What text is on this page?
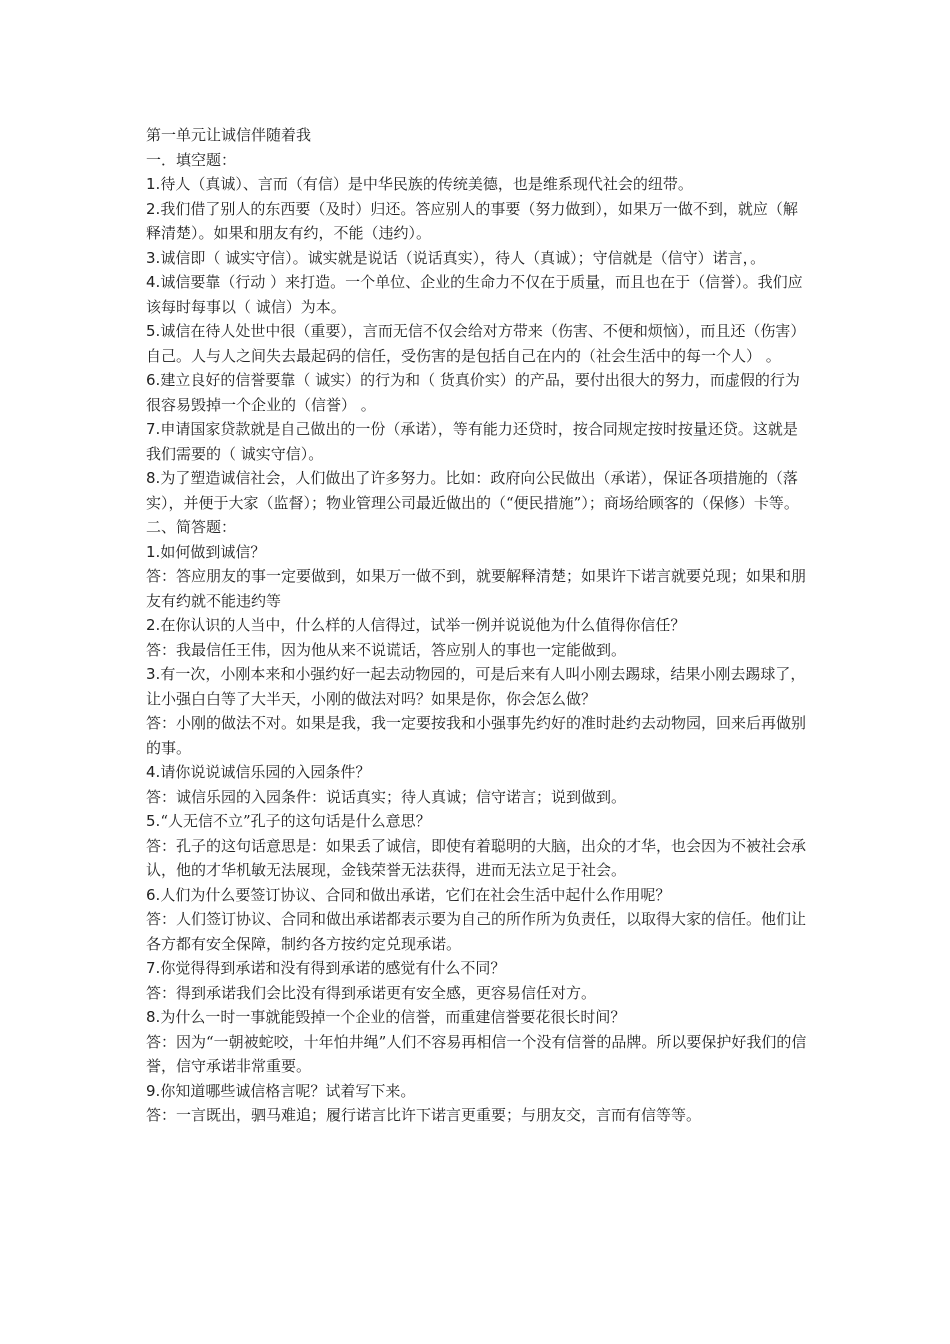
第一单元让诚信伴随着我
一．填空题：
1.待人（真诚）、言而（有信）是中华民族的传统美德，也是维系现代社会的纽带。
2.我们借了别人的东西要（及时）归还。答应别人的事要（努力做到），如果万一做不到，就应（解释清楚）。如果和朋友有约，不能（违约）。
3.诚信即（ 诚实守信）。诚实就是说话（说话真实），待人（真诚）；守信就是（信守）诺言，。
4.诚信要靠（行动 ）来打造。一个单位、企业的生命力不仅在于质量，而且也在于（信誉）。我们应该每时每事以（ 诚信）为本。
5.诚信在待人处世中很（重要），言而无信不仅会给对方带来（伤害、不便和烦恼），而且还（伤害）自己。人与人之间失去最起码的信任，受伤害的是包括自己在内的（社会生活中的每一个人） 。
6.建立良好的信誉要靠（ 诚实）的行为和（ 货真价实）的产品，要付出很大的努力，而虚假的行为很容易毁掉一个企业的（信誉） 。
7.申请国家贷款就是自己做出的一份（承诺），等有能力还贷时，按合同规定按时按量还贷。这就是我们需要的（ 诚实守信）。
8.为了塑造诚信社会，人们做出了许多努力。比如：政府向公民做出（承诺），保证各项措施的（落实），并便于大家（监督）；物业管理公司最近做出的（“便民措施”）；商场给顾客的（保修）卡等。
二、简答题：
1.如何做到诚信？
答：答应朋友的事一定要做到，如果万一做不到，就要解释清楚；如果许下诺言就要兑现；如果和朋友有约就不能违约等
2.在你认识的人当中，什么样的人信得过，试举一例并说说他为什么值得你信任？
答：我最信任王伟，因为他从来不说谎话，答应别人的事也一定能做到。
3.有一次，小刚本来和小强约好一起去动物园的，可是后来有人叫小刚去踢球，结果小刚去踢球了，让小强白白等了大半天，小刚的做法对吗？如果是你，你会怎么做？
答：小刚的做法不对。如果是我，我一定要按我和小强事先约好的准时赴约去动物园，回来后再做别的事。
4.请你说说诚信乐园的入园条件？
答：诚信乐园的入园条件：说话真实；待人真诚；信守诺言；说到做到。
5.“人无信不立”孔子的这句话是什么意思？
答：孔子的这句话意思是：如果丢了诚信，即使有着聪明的大脑，出众的才华，也会因为不被社会承认，他的才华机敏无法展现，金钱荣誉无法获得，进而无法立足于社会。
6.人们为什么要签订协议、合同和做出承诺，它们在社会生活中起什么作用呢？
答：人们签订协议、合同和做出承诺都表示要为自己的所作所为负责任，以取得大家的信任。他们让各方都有安全保障，制约各方按约定兑现承诺。
7.你觉得得到承诺和没有得到承诺的感觉有什么不同？
答：得到承诺我们会比没有得到承诺更有安全感，更容易信任对方。
8.为什么一时一事就能毁掉一个企业的信誉，而重建信誉要花很长时间？
答：因为“一朝被蛇咬，十年怕井绳”人们不容易再相信一个没有信誉的品牌。所以要保护好我们的信誉，信守承诺非常重要。
9.你知道哪些诚信格言呢？试着写下来。
答：一言既出，驷马难追；履行诺言比许下诺言更重要；与朋友交，言而有信等等。
